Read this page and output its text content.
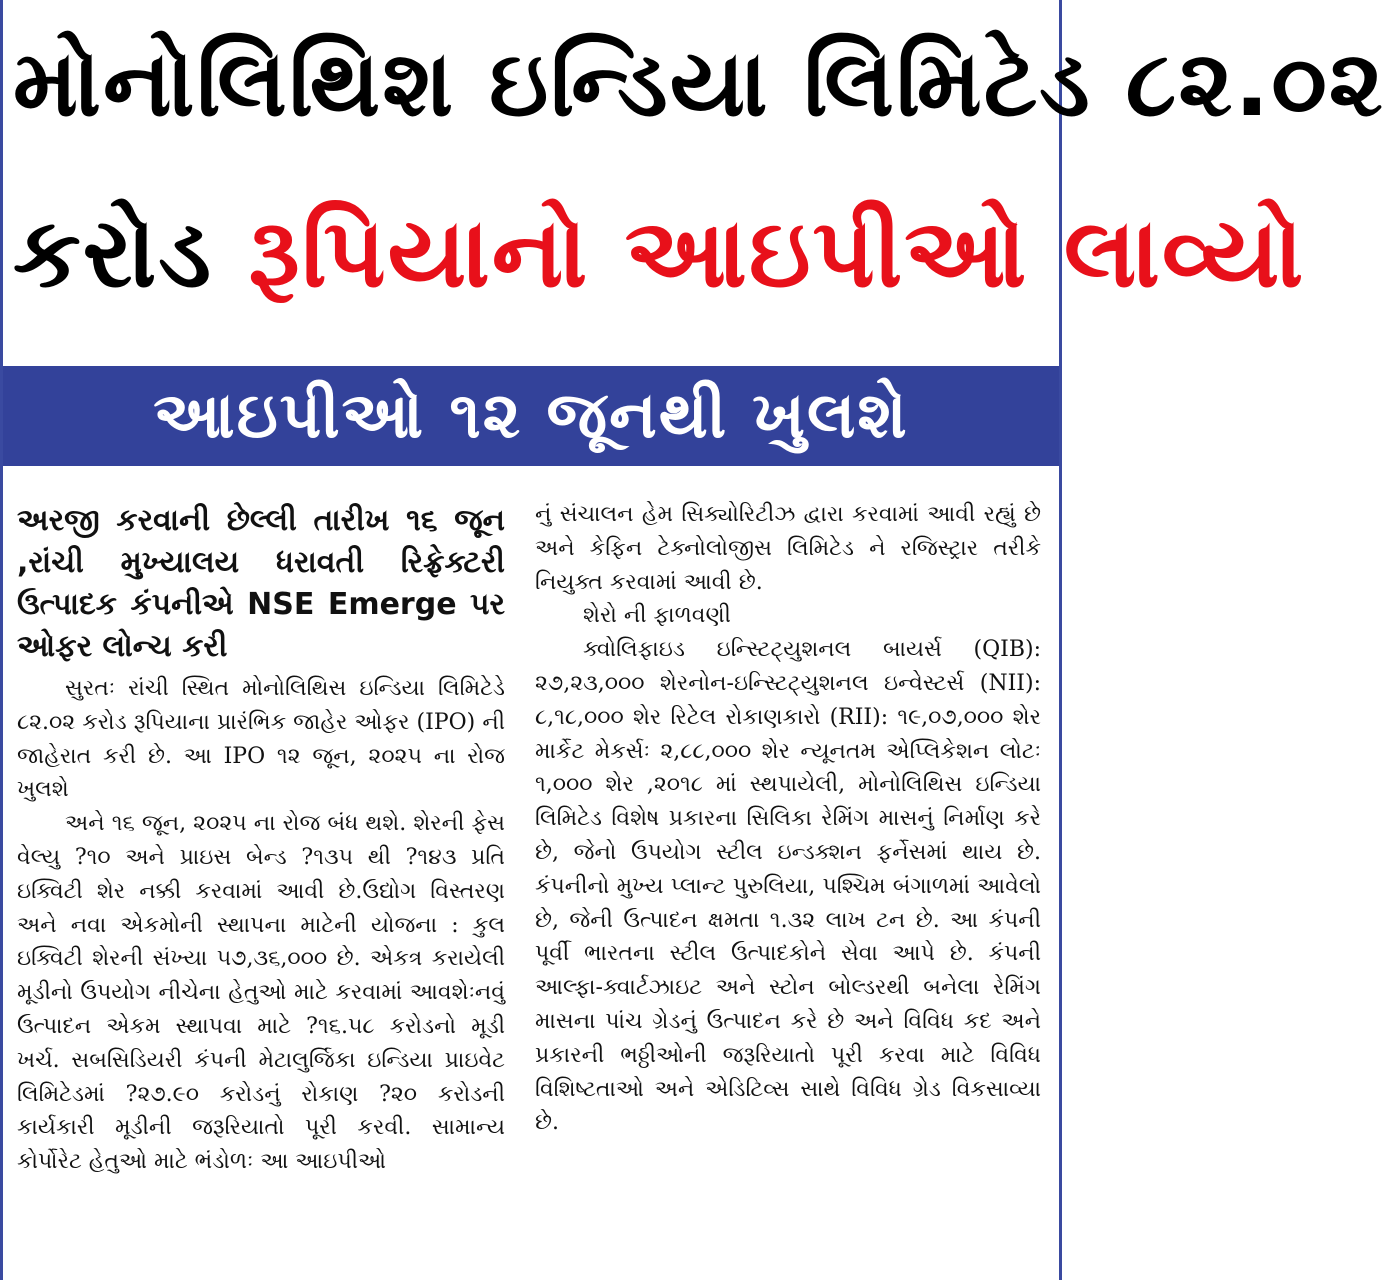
મોનોલિથિશ ઇન્ડિયા લિમિટેડ ૮૨.૦૨
કરોડ રૂપિયાનો આઇપીઓ લાવ્યો
આઇપીઓ ૧૨ જૂનથી ખુલશે

અરજી કરવાની છેલ્લી તારીખ ૧૬ જૂન ,રાંચી મુખ્યાલય ધરાવતી રિફ્રેક્ટરી ઉત્પાદક કંપનીએ NSE Emerge પર ઓફર લોન્ચ કરી

સુરતઃ રાંચી સ્થિત મોનોલિથિસ ઇન્ડિયા લિમિટેડે ૮૨.૦૨ કરોડ રૂપિયાના પ્રારંભિક જાહેર ઓફર (IPO) ની જાહેરાત કરી છે. આ IPO ૧૨ જૂન, ૨૦૨૫ ના રોજ ખુલશે

અને ૧૬ જૂન, ૨૦૨૫ ના રોજ બંધ થશે. શેરની ફેસ વેલ્યુ ?૧૦ અને પ્રાઇસ બેન્ડ ?૧૩૫ થી ?૧૪૩ પ્રતિ ઇક્વિટી શેર નક્કી કરવામાં આવી છે.ઉદ્યોગ વિસ્તરણ અને નવા એકમોની સ્થાપના માટેની યોજના : કુલ ઇક્વિટી શેરની સંખ્યા ૫૭,૩૬,૦૦૦ છે. એકત્ર કરાયેલી મૂડીનો ઉપયોગ નીચેના હેતુઓ માટે કરવામાં આવશેઃનવું ઉત્પાદન એકમ સ્થાપવા માટે ?૧૬.૫૮ કરોડનો મૂડી ખર્ચ. સબસિડિયરી કંપની મેટાલુર્જિકા ઇન્ડિયા પ્રાઇવેટ લિમિટેડમાં ?૨૭.૯૦ કરોડનું રોકાણ ?૨૦ કરોડની કાર્યકારી મૂડીની જરૂરિયાતો પૂરી કરવી. સામાન્ય કોર્પોરેટ હેતુઓ માટે ભંડોળઃ આ આઇપીઓ

નું સંચાલન હેમ સિક્યોરિટીઝ દ્વારા કરવામાં આવી રહ્યું છે અને કેફિન ટેક્નોલોજીસ લિમિટેડ ને રજિસ્ટ્રાર તરીકે નિયુક્ત કરવામાં આવી છે.

શેરો ની ફાળવણી

ક્વોલિફાઇડ ઇન્સ્ટિટ્યુશનલ બાયર્સ (QIB): ૨૭,૨૩,૦૦૦ શેરનોન-ઇન્સ્ટિટ્યુશનલ ઇન્વેસ્ટર્સ (NII): ૮,૧૮,૦૦૦ શેર રિટેલ રોકાણકારો (RII): ૧૯,૦૭,૦૦૦ શેર માર્કેટ મેકર્સઃ ૨,૮૮,૦૦૦ શેર ન્યૂનતમ એપ્લિકેશન લોટઃ ૧,૦૦૦ શેર ,૨૦૧૮ માં સ્થપાયેલી, મોનોલિથિસ ઇન્ડિયા લિમિટેડ વિશેષ પ્રકારના સિલિકા રેમિંગ માસનું નિર્માણ કરે છે, જેનો ઉપયોગ સ્ટીલ ઇન્ડક્શન ફર્નેસમાં થાય છે. કંપનીનો મુખ્ય પ્લાન્ટ પુરુલિયા, પશ્ચિમ બંગાળમાં આવેલો છે, જેની ઉત્પાદન ક્ષમતા ૧.૩૨ લાખ ટન છે. આ કંપની પૂર્વી ભારતના સ્ટીલ ઉત્પાદકોને સેવા આપે છે. કંપની આલ્ફા-ક્વાર્ટઝાઇટ અને સ્ટોન બોલ્ડરથી બનેલા રેમિંગ માસના પાંચ ગ્રેડનું ઉત્પાદન કરે છે અને વિવિધ કદ અને પ્રકારની ભઠ્ઠીઓની જરૂરિયાતો પૂરી કરવા માટે વિવિધ વિશિષ્ટતાઓ અને એડિટિવ્સ સાથે વિવિધ ગ્રેડ વિકસાવ્યા છે.
